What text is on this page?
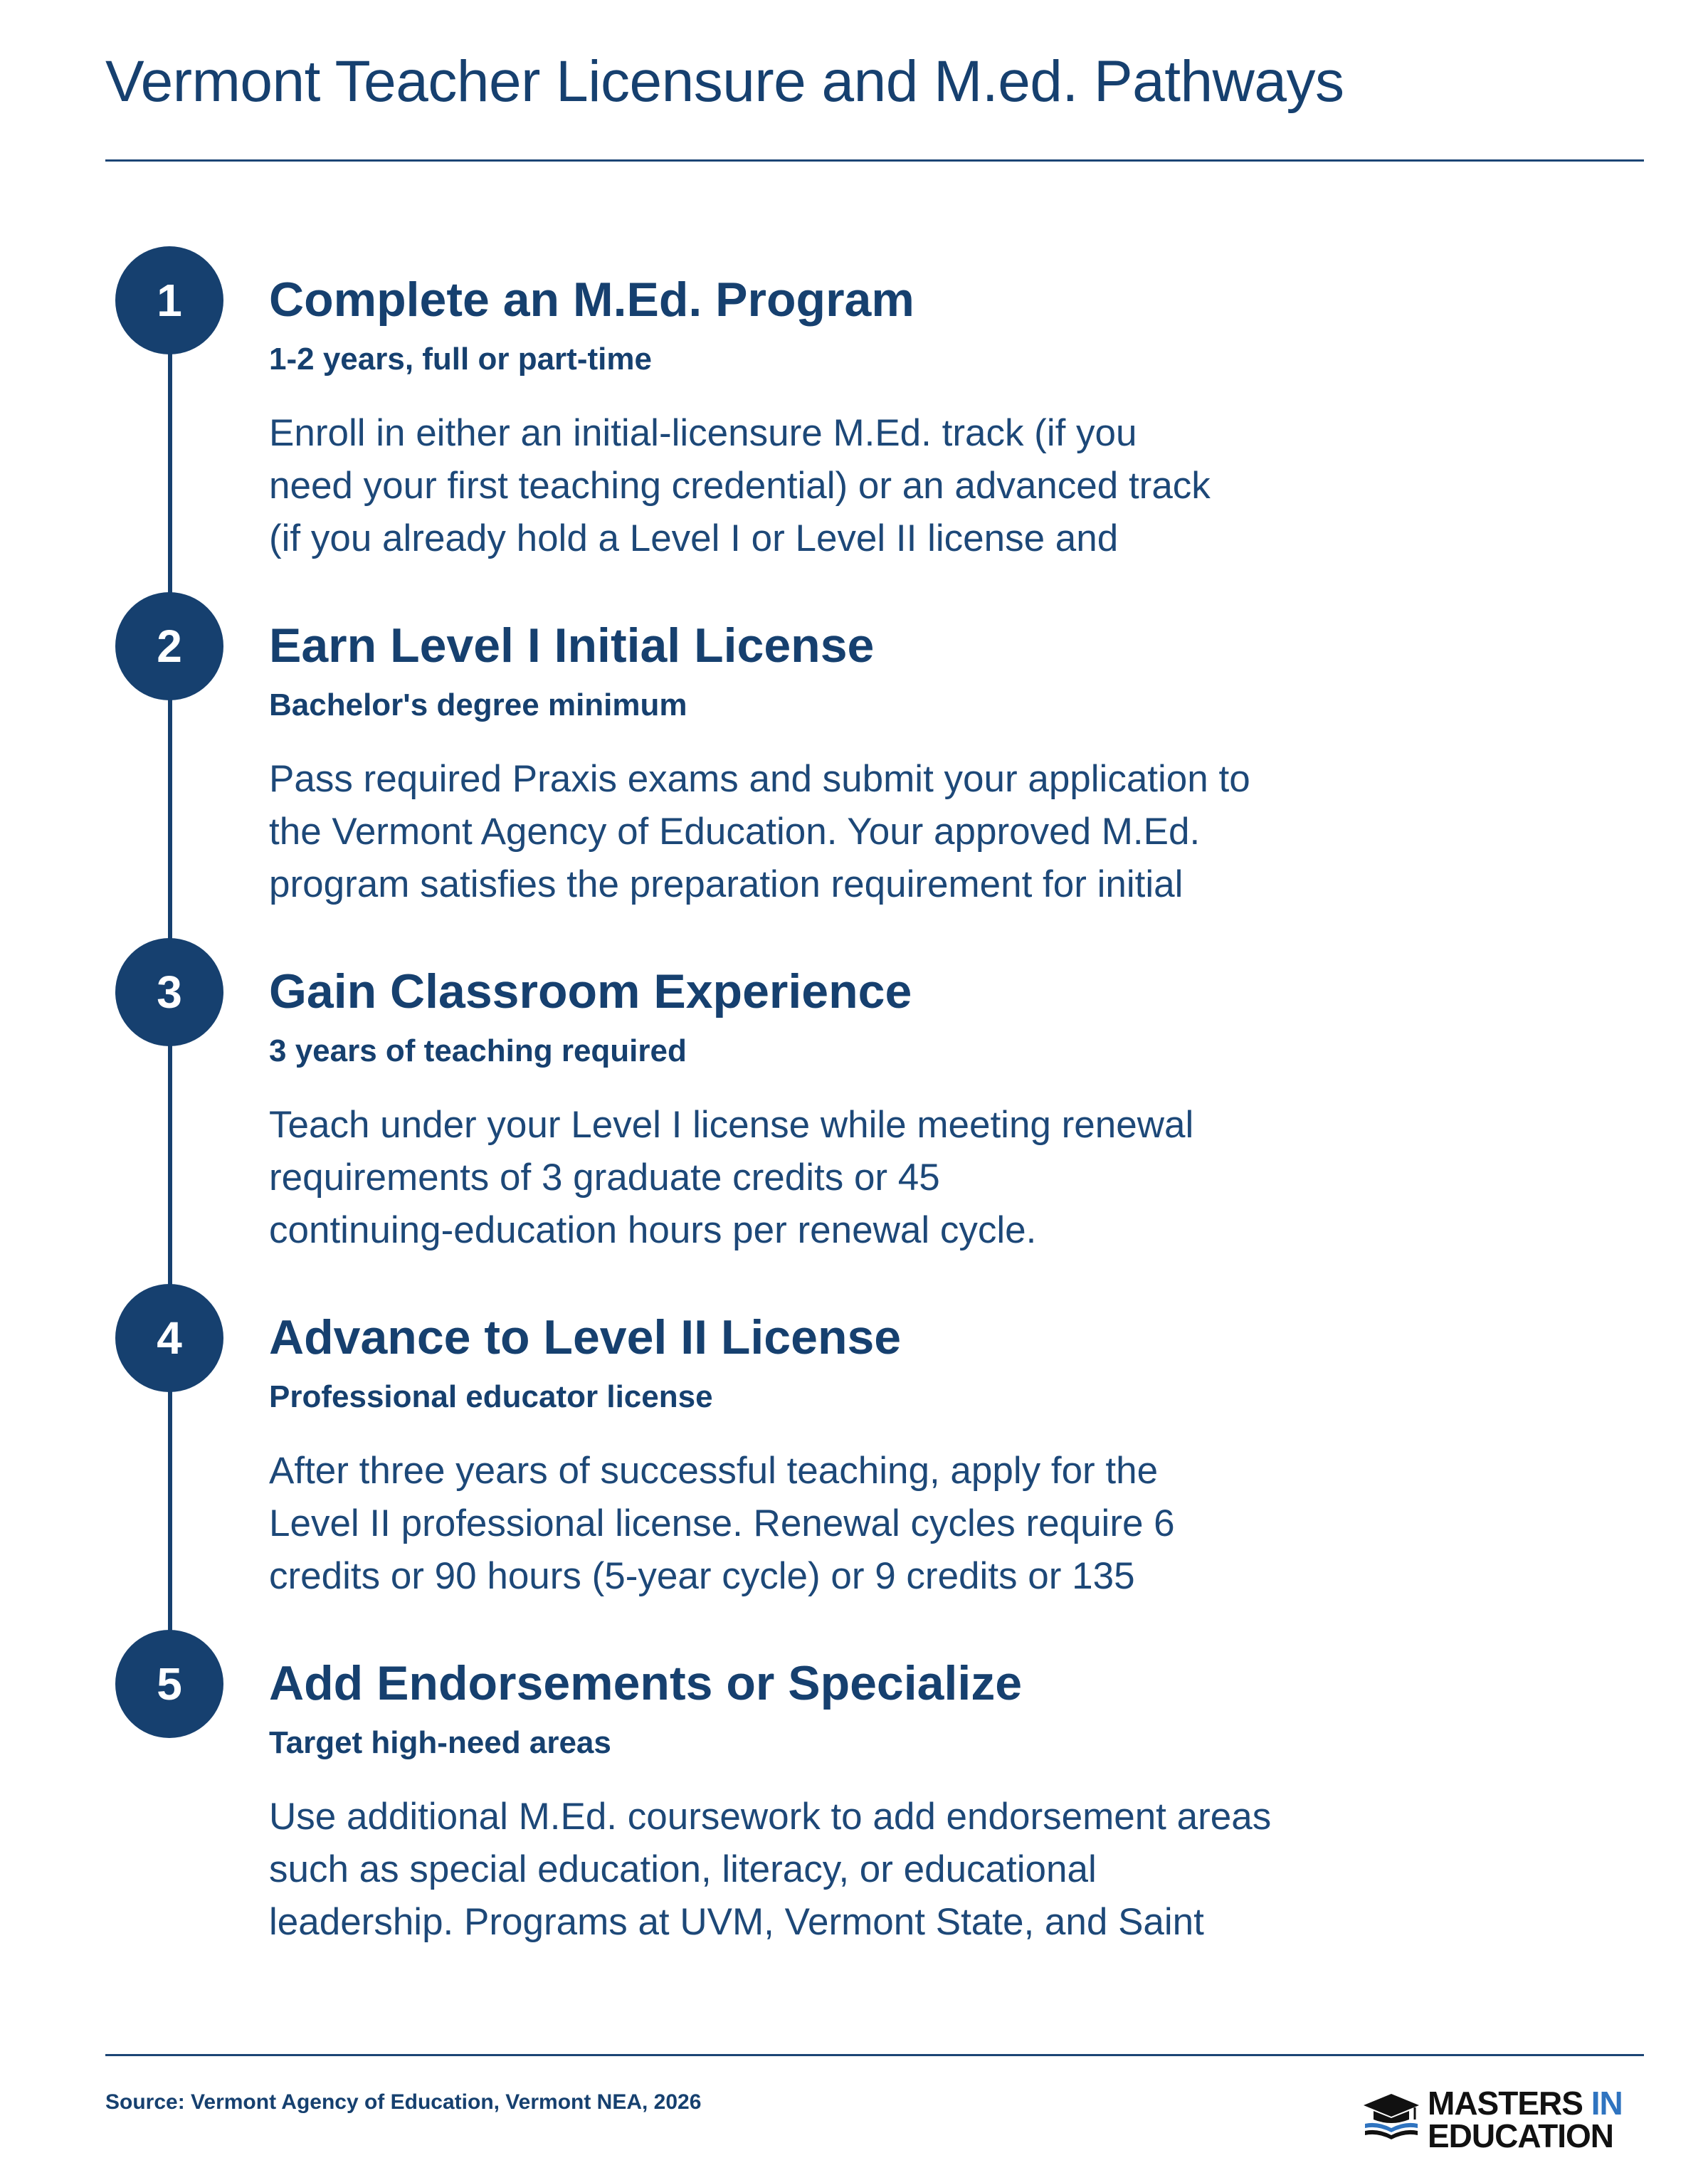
Vermont Teacher Licensure and M.ed. Pathways
1	Complete an M.Ed. Program
1-2 years, full or part-time
Enroll in either an initial-licensure M.Ed. track (if you
need your first teaching credential) or an advanced track
(if you already hold a Level I or Level II license and
2	Earn Level I Initial License
Bachelor's degree minimum
Pass required Praxis exams and submit your application to
the Vermont Agency of Education. Your approved M.Ed.
program satisfies the preparation requirement for initial
3	Gain Classroom Experience
3 years of teaching required
Teach under your Level I license while meeting renewal
requirements of 3 graduate credits or 45
continuing-education hours per renewal cycle.
4	Advance to Level II License
Professional educator license
After three years of successful teaching, apply for the
Level II professional license. Renewal cycles require 6
credits or 90 hours (5-year cycle) or 9 credits or 135
5	Add Endorsements or Specialize
Target high-need areas
Use additional M.Ed. coursework to add endorsement areas
such as special education, literacy, or educational
leadership. Programs at UVM, Vermont State, and Saint
Source: Vermont Agency of Education, Vermont NEA, 2026	MASTERS IN
EDUCATION
